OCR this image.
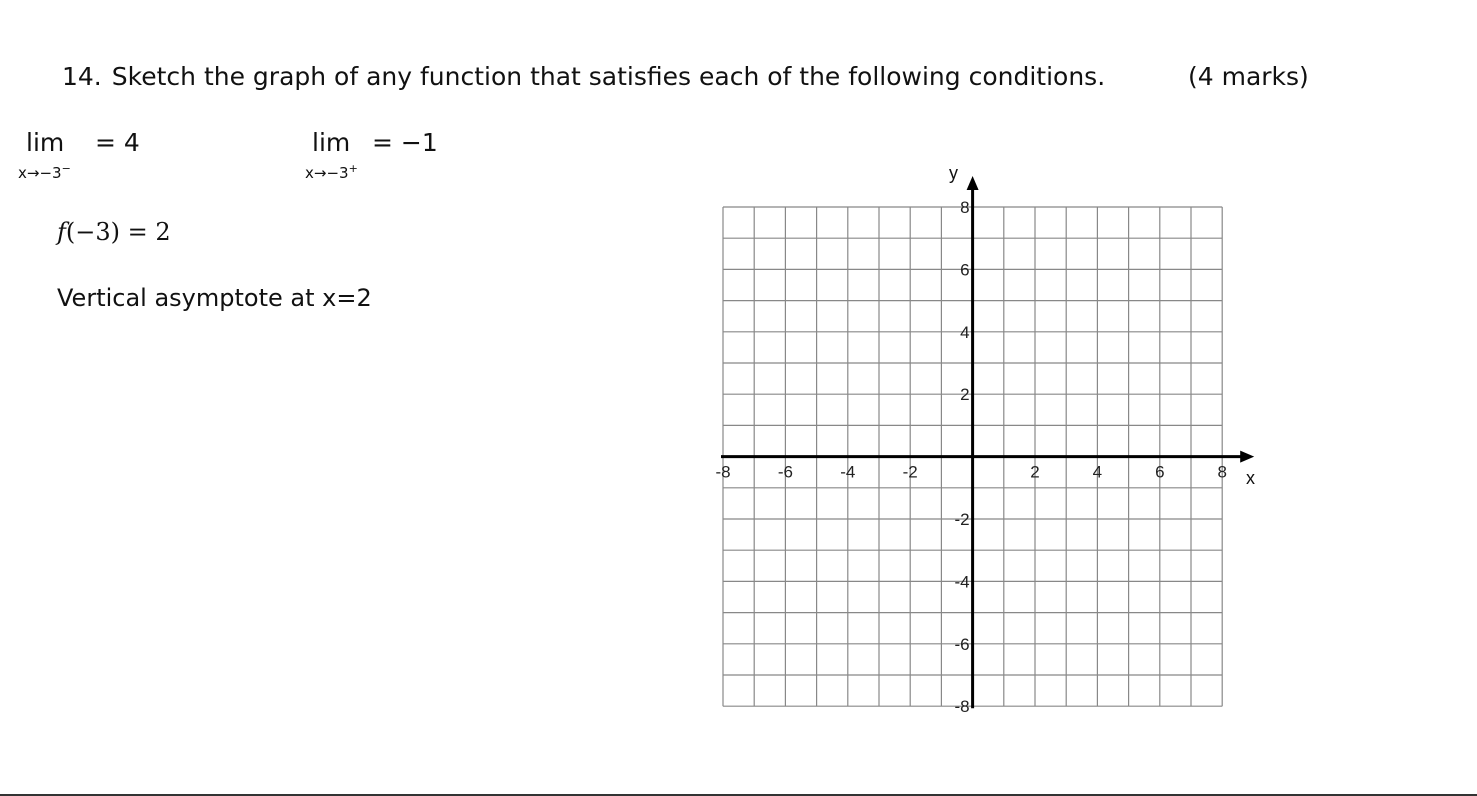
14. Sketch the graph of any function that satisfies each of the following conditions.	(4 marks)
lim = 4
x→−3−
lim = −1
x→−3+
f(−3) = 2
Vertical asymptote at x=2
-8	-6	-4	-2	2	4	6	8
8
6
4
2
-2
-4
-6
-8
x
y
